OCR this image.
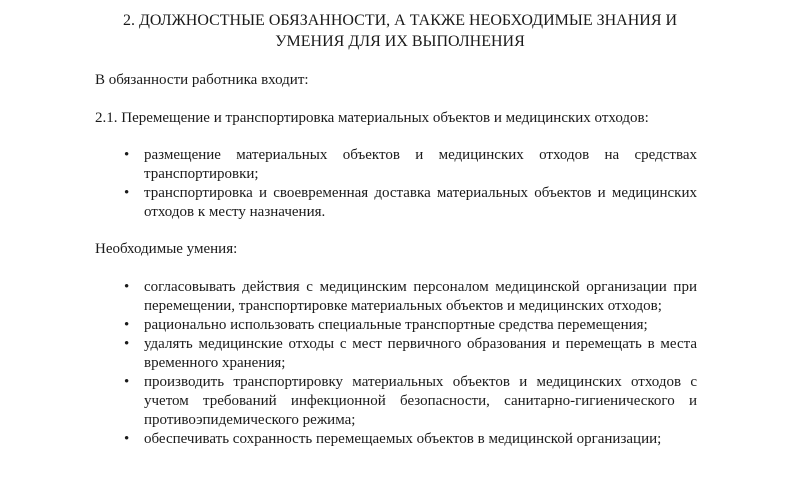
2. ДОЛЖНОСТНЫЕ ОБЯЗАННОСТИ, А ТАКЖЕ НЕОБХОДИМЫЕ ЗНАНИЯ И
УМЕНИЯ ДЛЯ ИХ ВЫПОЛНЕНИЯ
В обязанности работника входит:
2.1. Перемещение и транспортировка материальных объектов и медицинских отходов:
• размещение материальных объектов и медицинских отходов на средствах транспортировки;
• транспортировка и своевременная доставка материальных объектов и медицинских отходов к месту назначения.
Необходимые умения:
• согласовывать действия с медицинским персоналом медицинской организации при перемещении, транспортировке материальных объектов и медицинских отходов;
• рационально использовать специальные транспортные средства перемещения;
• удалять медицинские отходы с мест первичного образования и перемещать в места временного хранения;
• производить транспортировку материальных объектов и медицинских отходов с учетом требований инфекционной безопасности, санитарно-гигиенического и противоэпидемического режима;
• обеспечивать сохранность перемещаемых объектов в медицинской организации;
